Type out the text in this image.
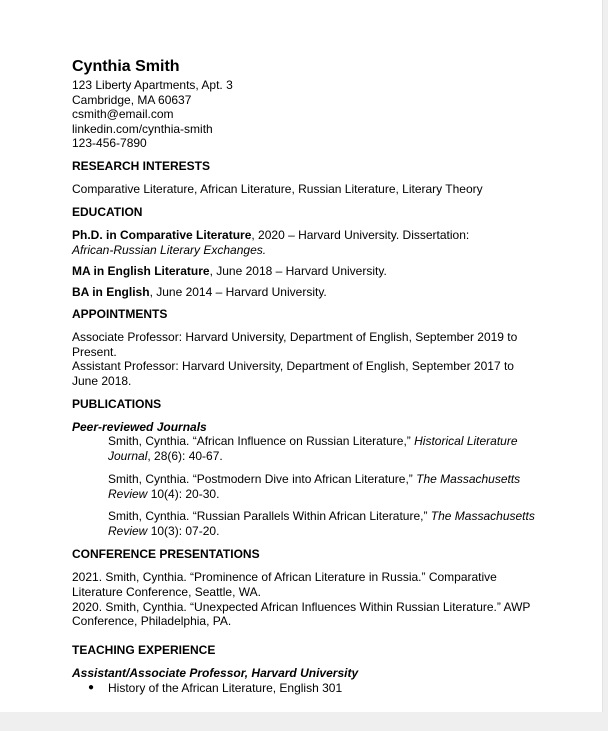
Cynthia Smith
123 Liberty Apartments, Apt. 3
Cambridge, MA 60637
csmith@email.com
linkedin.com/cynthia-smith
123-456-7890
RESEARCH INTERESTS
Comparative Literature, African Literature, Russian Literature, Literary Theory
EDUCATION
Ph.D. in Comparative Literature, 2020 – Harvard University. Dissertation:
African-Russian Literary Exchanges.
MA in English Literature, June 2018 – Harvard University.
BA in English, June 2014 – Harvard University.
APPOINTMENTS
Associate Professor: Harvard University, Department of English, September 2019 to
Present.
Assistant Professor: Harvard University, Department of English, September 2017 to
June 2018.
PUBLICATIONS
Peer-reviewed Journals
Smith, Cynthia. “African Influence on Russian Literature,” Historical Literature
Journal, 28(6): 40-67.
Smith, Cynthia. “Postmodern Dive into African Literature,” The Massachusetts
Review 10(4): 20-30.
Smith, Cynthia. “Russian Parallels Within African Literature,” The Massachusetts
Review 10(3): 07-20.
CONFERENCE PRESENTATIONS
2021. Smith, Cynthia. “Prominence of African Literature in Russia.” Comparative
Literature Conference, Seattle, WA.
2020. Smith, Cynthia. “Unexpected African Influences Within Russian Literature.” AWP
Conference, Philadelphia, PA.
TEACHING EXPERIENCE
Assistant/Associate Professor, Harvard University
● History of the African Literature, English 301
